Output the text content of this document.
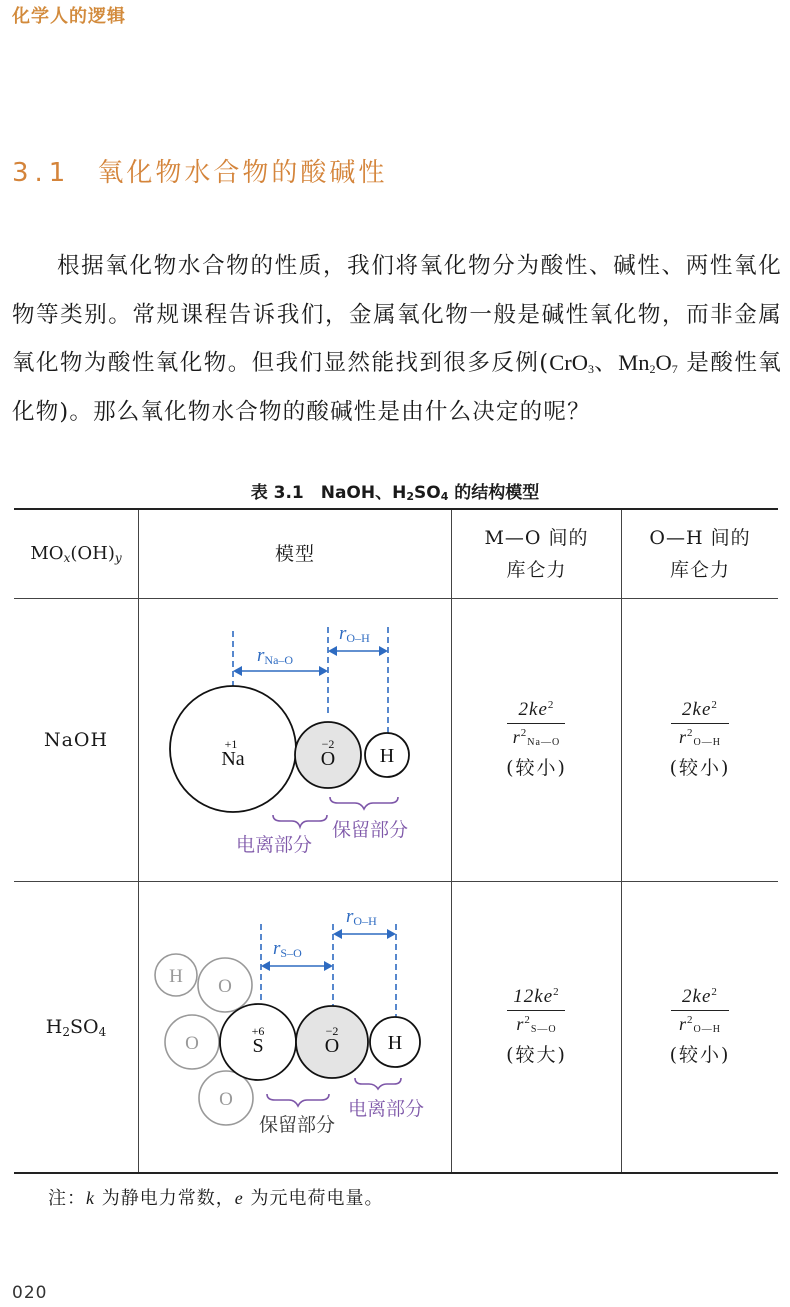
化学人的逻辑
3.1 氧化物水合物的酸碱性

根据氧化物水合物的性质，我们将氧化物分为酸性、碱性、两性氧化物等类别。常规课程告诉我们，金属氧化物一般是碱性氧化物，而非金属氧化物为酸性氧化物。但我们显然能找到很多反例(CrO$_3$、$Mn_2O_7$ 是酸性氧化物)。那么氧化物水合物的酸碱性是由什么决定的呢？

表 3.1　NaOH、$H_2SO_4$ 的结构模型
$MO_x(OH)_y$	模型
M—O 间的
库仑力
O—H 间的
库仑力
NaOH
rNa–O
rO–H
+1
Na
−2
O H
电离部分
保留部分
$2ke^2$
$r^2_{Na—O}$
(较小)
$2ke^2$
$r^2_{O—H}$
(较小)
$H_2SO_4$
H O
O
O
rS–O
rO–H
+6
S
−2
O H
保留部分
电离部分
$12ke^2$
$r^2_{S—O}$
(较大)
$2ke^2$
$r^2_{O—H}$
(较小)
注：k 为静电力常数，e 为元电荷电量。
020
